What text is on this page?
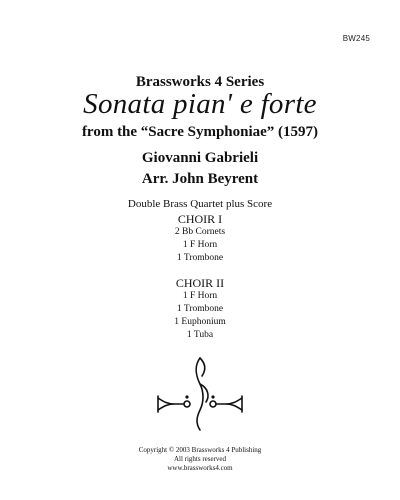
BW245
Brassworks 4 Series
Sonata pian' e forte
from the “Sacre Symphoniae” (1597)
Giovanni Gabrieli
Arr. John Beyrent
Double Brass Quartet plus Score
CHOIR I
2 Bb Cornets
1 F Horn
1 Trombone
CHOIR II
1 F Horn
1 Trombone
1 Euphonium
1 Tuba
Copyright © 2003 Brassworks 4 Publishing
All rights reserved
www.brassworks4.com
